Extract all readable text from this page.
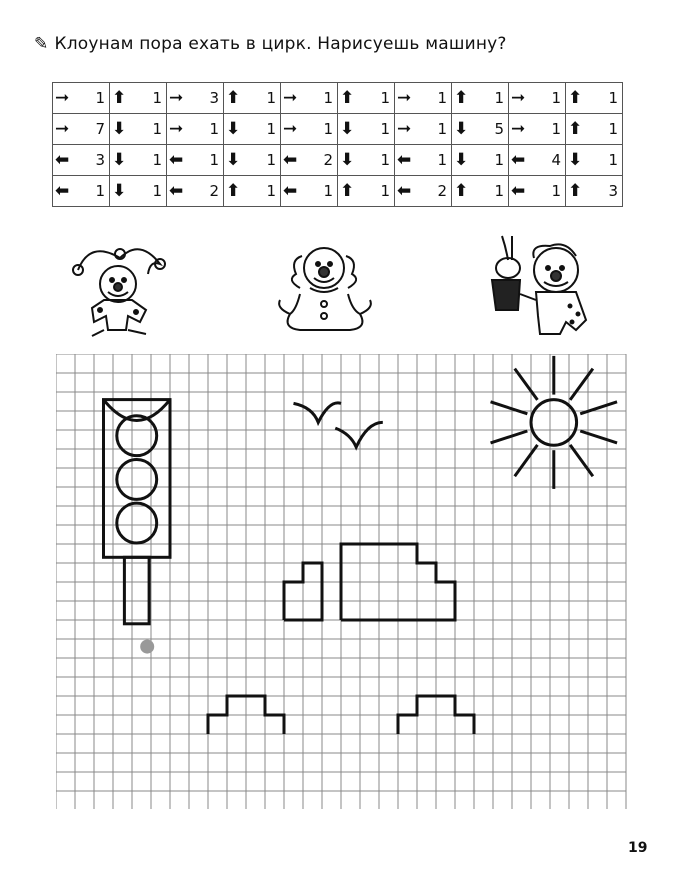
✎ Клоунам пора ехать в цирк. Нарисуешь машину?
➞	1	⬆	1	➞	3	⬆	1	➞	1	⬆	1	➞	1	⬆	1	➞	1	⬆	1
➞	7	⬇	1	➞	1	⬇	1	➞	1	⬇	1	➞	1	⬇	5	➞	1	⬆	1
⬅	3	⬇	1	⬅	1	⬇	1	⬅	2	⬇	1	⬅	1	⬇	1	⬅	4	⬇	1
⬅	1	⬇	1	⬅	2	⬆	1	⬅	1	⬆	1	⬅	2	⬆	1	⬅	1	⬆	3
19
